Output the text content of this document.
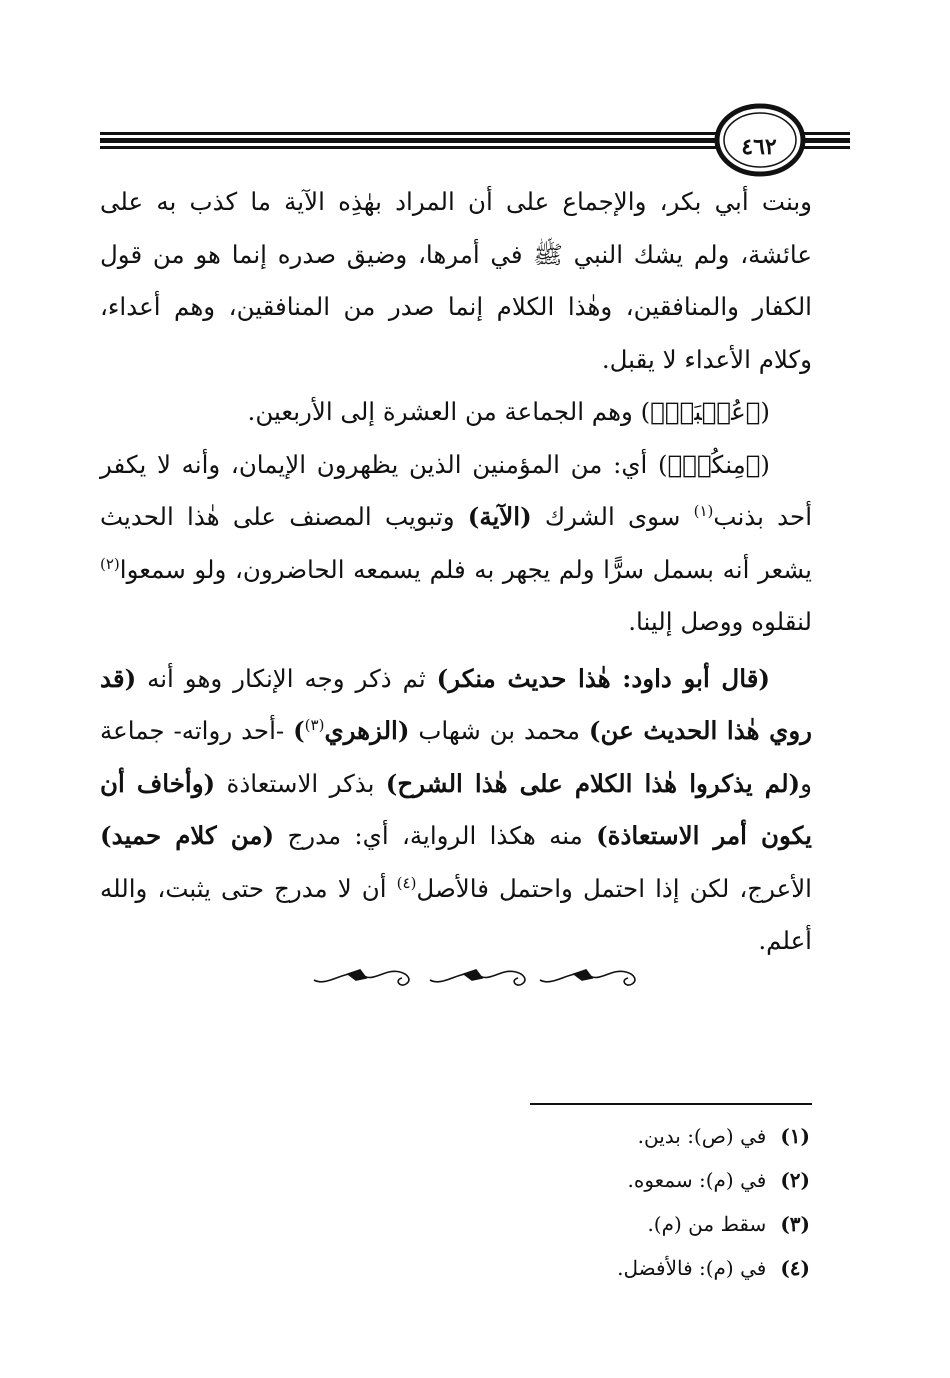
٤٦٢

وبنت أبي بكر، والإجماع على أن المراد بهٰذِه الآية ما كذب به على عائشة، ولم يشك النبي ﷺ في أمرها، وضيق صدره إنما هو من قول الكفار والمنافقين، وهٰذا الكلام إنما صدر من المنافقين، وهم أعداء، وكلام الأعداء لا يقبل.

(﴿عُصۡبَةٞ﴾) وهم الجماعة من العشرة إلى الأربعين.

(﴿مِنكُمۡ﴾) أي: من المؤمنين الذين يظهرون الإيمان، وأنه لا يكفر أحد بذنب$^{(١)}$ سوى الشرك (الآية) وتبويب المصنف على هٰذا الحديث يشعر أنه بسمل سرًّا ولم يجهر به فلم يسمعه الحاضرون، ولو سمعوا$^{(٢)}$ لنقلوه ووصل إلينا.

(قال أبو داود: هٰذا حديث منكر) ثم ذكر وجه الإنكار وهو أنه (قد روي هٰذا الحديث عن) محمد بن شهاب (الزهري$^{(٣)}$) -أحد رواته- جماعة و(لم يذكروا هٰذا الكلام على هٰذا الشرح) بذكر الاستعاذة (وأخاف أن يكون أمر الاستعاذة) منه هكذا الرواية، أي: مدرج (من كلام حميد) الأعرج، لكن إذا احتمل واحتمل فالأصل$^{(٤)}$ أن لا مدرج حتى يثبت، والله أعلم.

(١)في (ص): بدين.
(٢)في (م): سمعوه.
(٣)سقط من (م).
(٤)في (م): فالأفضل.
